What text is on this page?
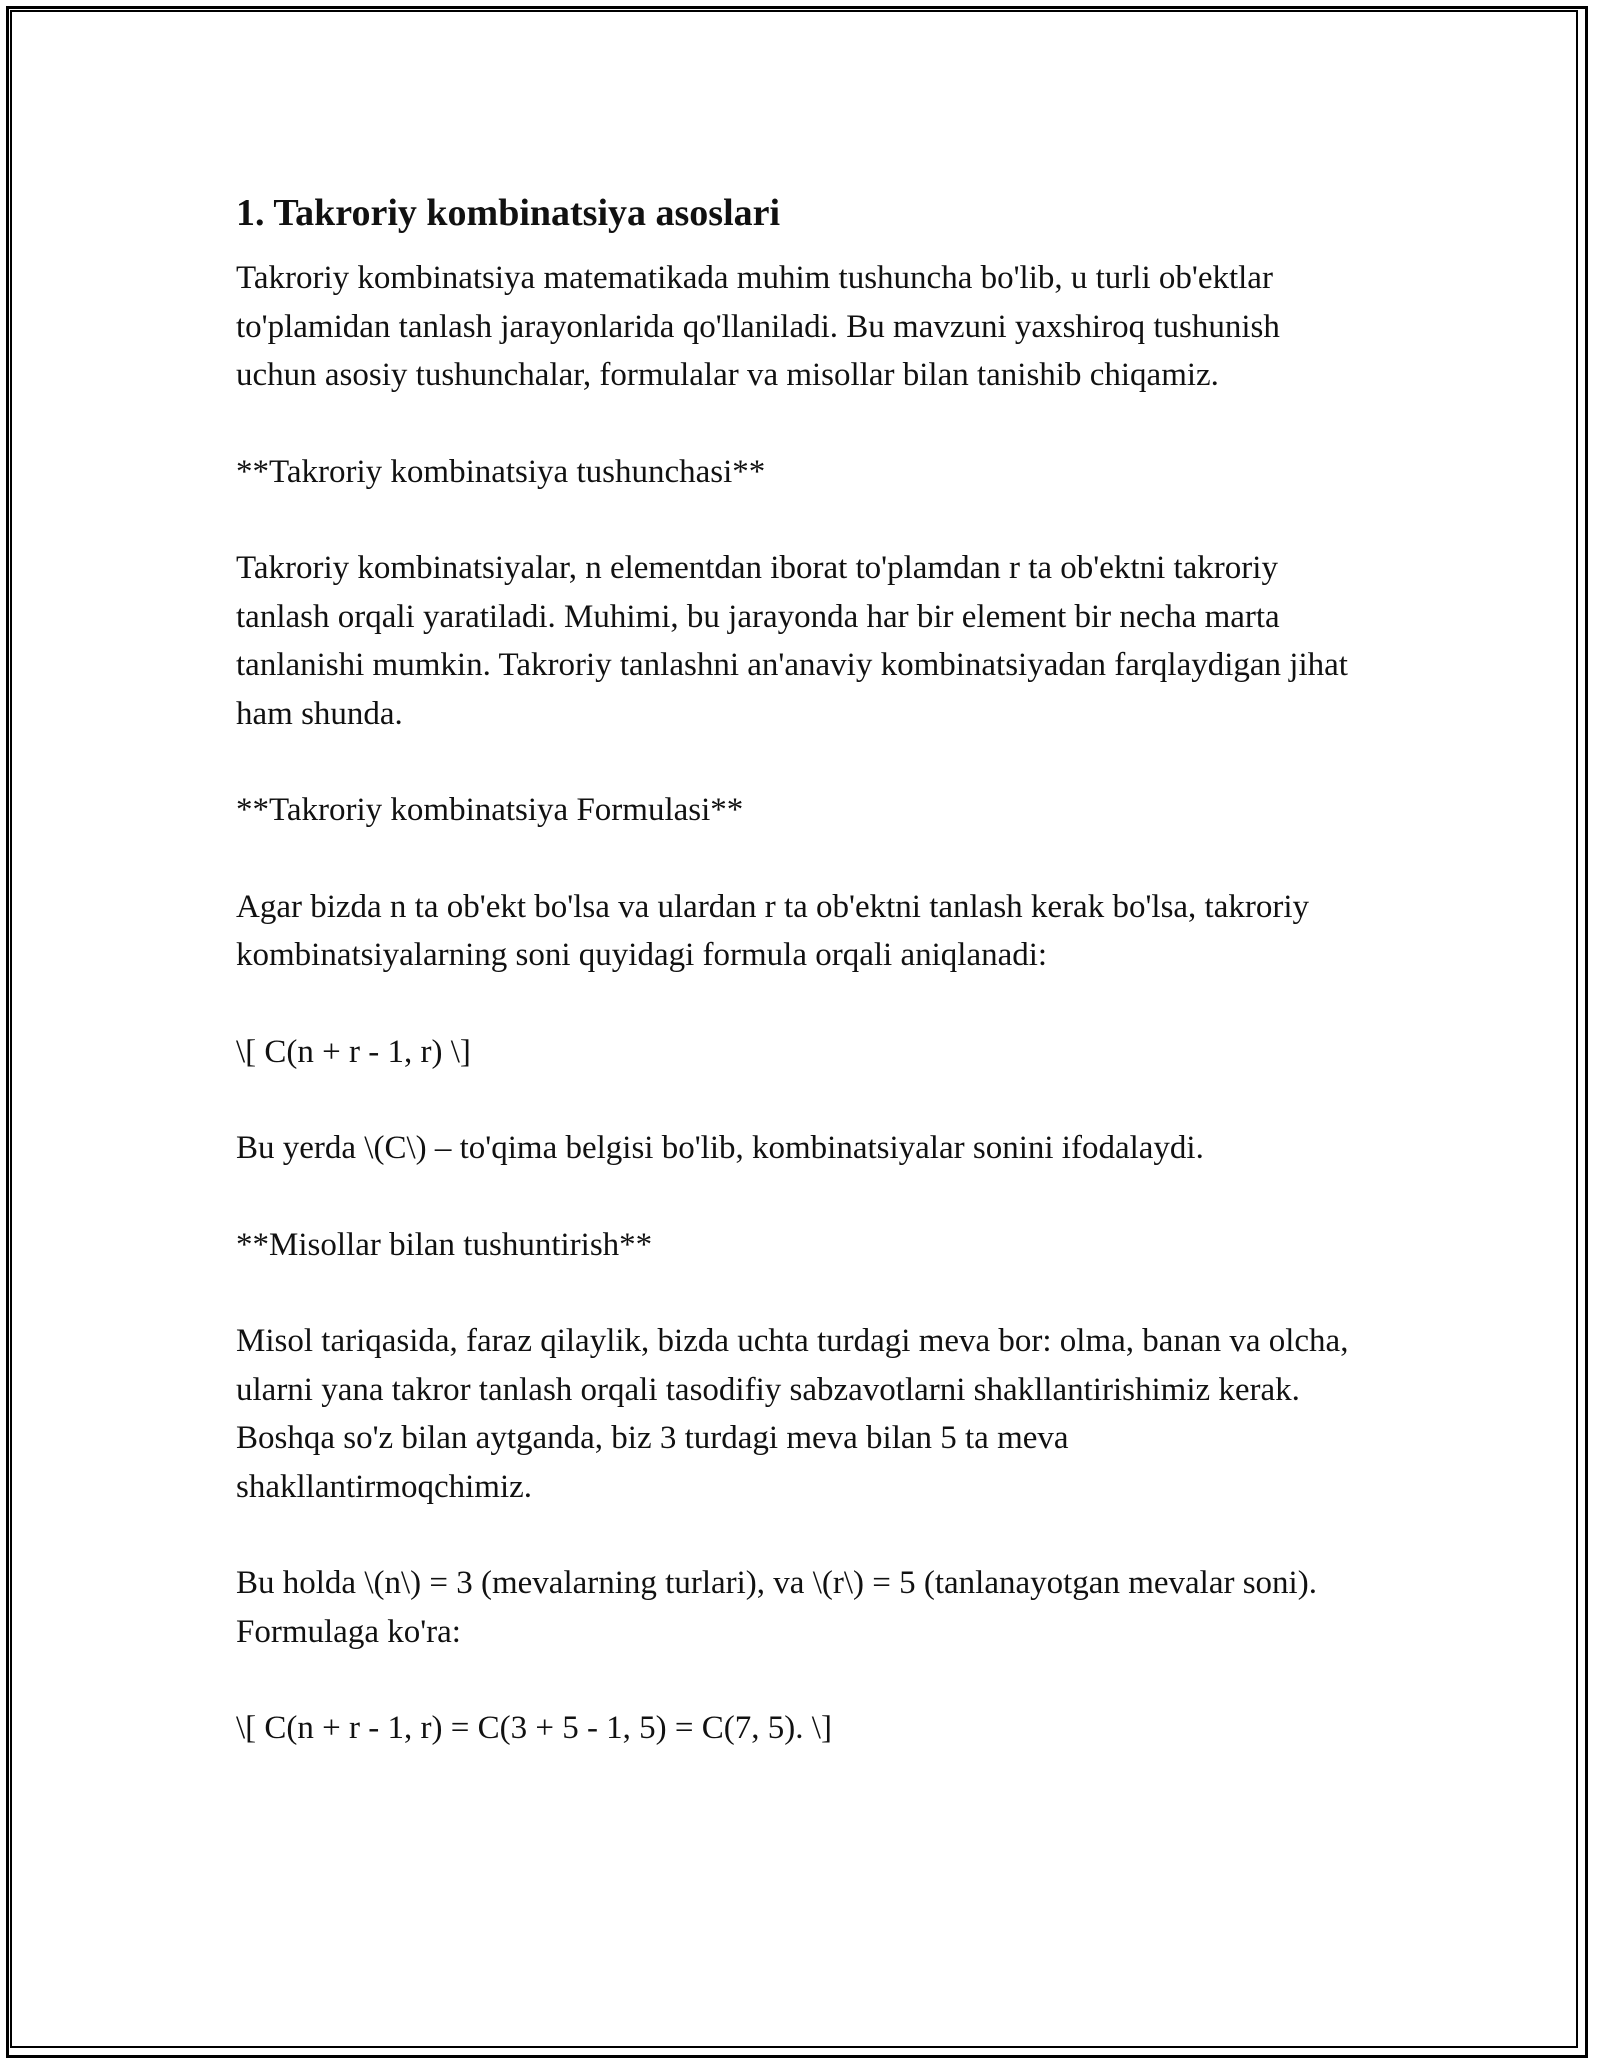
1. Takroriy kombinatsiya asoslari

Takroriy kombinatsiya matematikada muhim tushuncha bo'lib, u turli ob'ektlar to'plamidan tanlash jarayonlarida qo'llaniladi. Bu mavzuni yaxshiroq tushunish uchun asosiy tushunchalar, formulalar va misollar bilan tanishib chiqamiz.

**Takroriy kombinatsiya tushunchasi**

Takroriy kombinatsiyalar, n elementdan iborat to'plamdan r ta ob'ektni takroriy tanlash orqali yaratiladi. Muhimi, bu jarayonda har bir element bir necha marta tanlanishi mumkin. Takroriy tanlashni an'anaviy kombinatsiyadan farqlaydigan jihat ham shunda.

**Takroriy kombinatsiya Formulasi**

Agar bizda n ta ob'ekt bo'lsa va ulardan r ta ob'ektni tanlash kerak bo'lsa, takroriy kombinatsiyalarning soni quyidagi formula orqali aniqlanadi:

\[ C(n + r - 1, r) \]

Bu yerda \(C\) – to'qima belgisi bo'lib, kombinatsiyalar sonini ifodalaydi.

**Misollar bilan tushuntirish**

Misol tariqasida, faraz qilaylik, bizda uchta turdagi meva bor: olma, banan va olcha, ularni yana takror tanlash orqali tasodifiy sabzavotlarni shakllantirishimiz kerak. Boshqa so'z bilan aytganda, biz 3 turdagi meva bilan 5 ta meva shakllantirmoqchimiz.

Bu holda \(n\) = 3 (mevalarning turlari), va \(r\) = 5 (tanlanayotgan mevalar soni). Formulaga ko'ra:

\[ C(n + r - 1, r) = C(3 + 5 - 1, 5) = C(7, 5). \]
